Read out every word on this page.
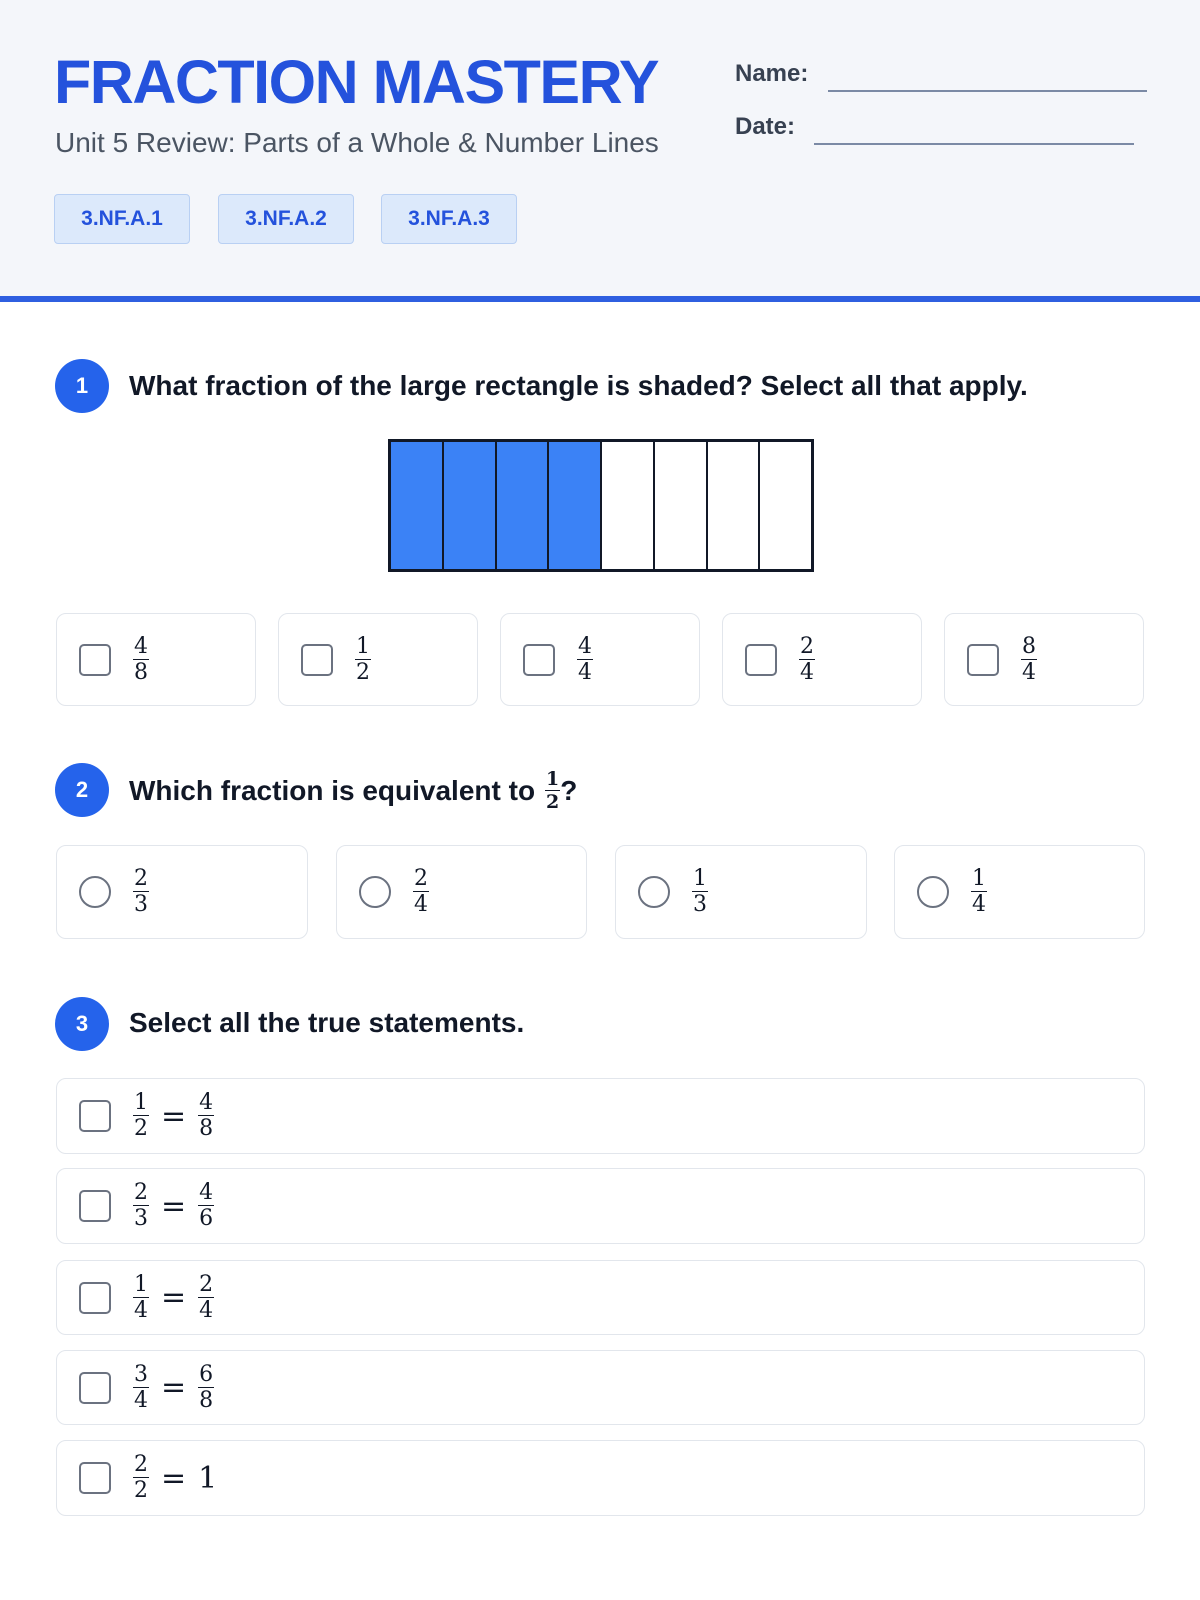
FRACTION MASTERY
Unit 5 Review: Parts of a Whole & Number Lines
Name:
Date:
3.NF.A.1	3.NF.A.2	3.NF.A.3
1	What fraction of the large rectangle is shaded? Select all that apply.
$\frac{4}{8}$	$\frac{1}{2}$	$\frac{4}{4}$	$\frac{2}{4}$	$\frac{8}{4}$
2	Which fraction is equivalent to $\frac{1}{2}$ ?
$\frac{2}{3}$	$\frac{2}{4}$	$\frac{1}{3}$	$\frac{1}{4}$
3	Select all the true statements.
$\frac{1}{2} = \frac{4}{8}$
$\frac{2}{3} = \frac{4}{6}$
$\frac{1}{4} = \frac{2}{4}$
$\frac{3}{4} = \frac{6}{8}$
$\frac{2}{2} = 1$
